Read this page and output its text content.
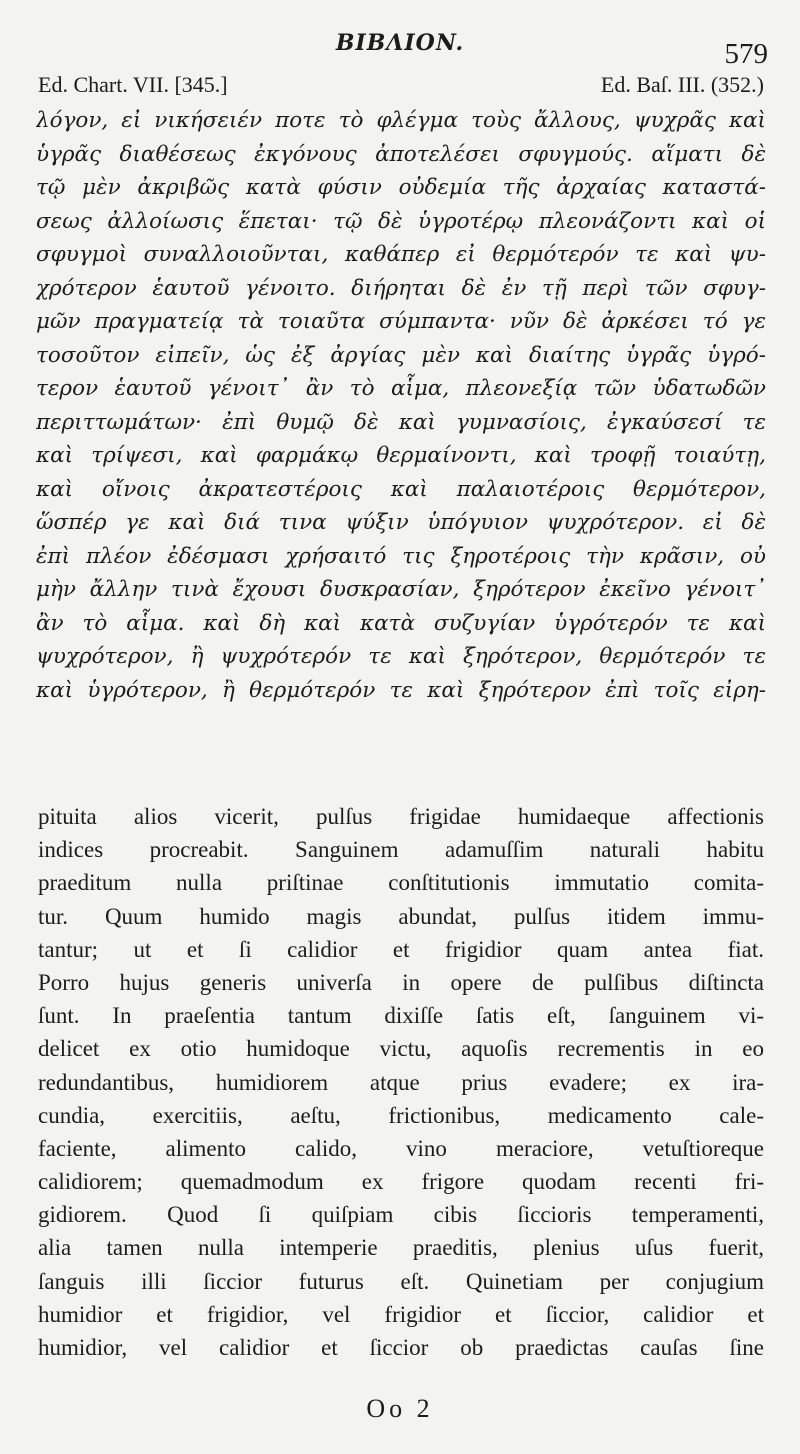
BIBΛION.	579
Ed. Chart. VII. [345.]	Ed. Baſ. III. (352.)
λόγον, εἰ νικήσειέν ποτε τὸ φλέγμα τοὺς ἄλλους, ψυχρᾶς καὶ
ὑγρᾶς διαθέσεως ἐκγόνους ἀποτελέσει σφυγμούς. αἵματι δὲ
τῷ μὲν ἀκριβῶς κατὰ φύσιν οὐδεμία τῆς ἀρχαίας καταστά-
σεως ἀλλοίωσις ἕπεται· τῷ δὲ ὑγροτέρῳ πλεονάζοντι καὶ οἱ
σφυγμοὶ συναλλοιοῦνται, καθάπερ εἰ θερμότερόν τε καὶ ψυ-
χρότερον ἑαυτοῦ γένοιτο. διήρηται δὲ ἐν τῇ περὶ τῶν σφυγ-
μῶν πραγματείᾳ τὰ τοιαῦτα σύμπαντα· νῦν δὲ ἀρκέσει τό γε
τοσοῦτον εἰπεῖν, ὡς ἐξ ἀργίας μὲν καὶ διαίτης ὑγρᾶς ὑγρό-
τερον ἑαυτοῦ γένοιτ᾽ ἂν τὸ αἷμα, πλεονεξίᾳ τῶν ὑδατωδῶν
περιττωμάτων· ἐπὶ θυμῷ δὲ καὶ γυμνασίοις, ἐγκαύσεσί τε
καὶ τρίψεσι, καὶ φαρμάκῳ θερμαίνοντι, καὶ τροφῇ τοιαύτῃ,
καὶ οἴνοις ἀκρατεστέροις καὶ παλαιοτέροις θερμότερον,
ὥσπέρ γε καὶ διά τινα ψύξιν ὑπόγυιον ψυχρότερον. εἰ δὲ
ἐπὶ πλέον ἐδέσμασι χρήσαιτό τις ξηροτέροις τὴν κρᾶσιν, οὐ
μὴν ἄλλην τινὰ ἔχουσι δυσκρασίαν, ξηρότερον ἐκεῖνο γένοιτ᾽
ἂν τὸ αἷμα. καὶ δὴ καὶ κατὰ συζυγίαν ὑγρότερόν τε καὶ
ψυχρότερον, ἢ ψυχρότερόν τε καὶ ξηρότερον, θερμότερόν τε
καὶ ὑγρότερον, ἢ θερμότερόν τε καὶ ξηρότερον ἐπὶ τοῖς εἰρη-
pituita alios vicerit, pulſus frigidae humidaeque affectionis
indices procreabit. Sanguinem adamuſſim naturali habitu
praeditum nulla priſtinae conſtitutionis immutatio comita-
tur. Quum humido magis abundat, pulſus itidem immu-
tantur; ut et ſi calidior et frigidior quam antea fiat.
Porro hujus generis univerſa in opere de pulſibus diſtincta
ſunt. In praeſentia tantum dixiſſe ſatis eſt, ſanguinem vi-
delicet ex otio humidoque victu, aquoſis recrementis in eo
redundantibus, humidiorem atque prius evadere; ex ira-
cundia, exercitiis, aeſtu, frictionibus, medicamento cale-
faciente, alimento calido, vino meraciore, vetuſtioreque
calidiorem; quemadmodum ex frigore quodam recenti fri-
gidiorem. Quod ſi quiſpiam cibis ſiccioris temperamenti,
alia tamen nulla intemperie praeditis, plenius uſus fuerit,
ſanguis illi ſiccior futurus eſt. Quinetiam per conjugium
humidior et frigidior, vel frigidior et ſiccior, calidior et
humidior, vel calidior et ſiccior ob praedictas cauſas ſine
Oo 2
